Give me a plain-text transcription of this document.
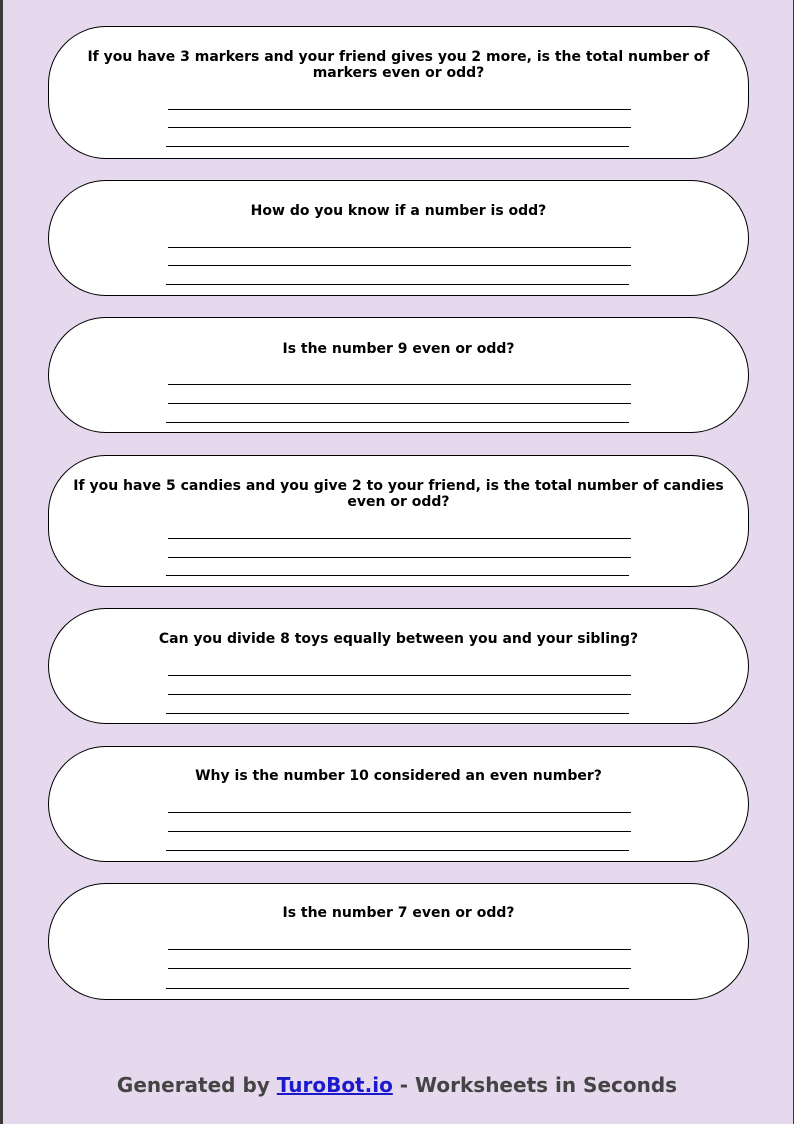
If you have 3 markers and your friend gives you 2 more, is the total number of markers even or odd?
How do you know if a number is odd?
Is the number 9 even or odd?
If you have 5 candies and you give 2 to your friend, is the total number of candies even or odd?
Can you divide 8 toys equally between you and your sibling?
Why is the number 10 considered an even number?
Is the number 7 even or odd?
Generated by TuroBot.io - Worksheets in Seconds
